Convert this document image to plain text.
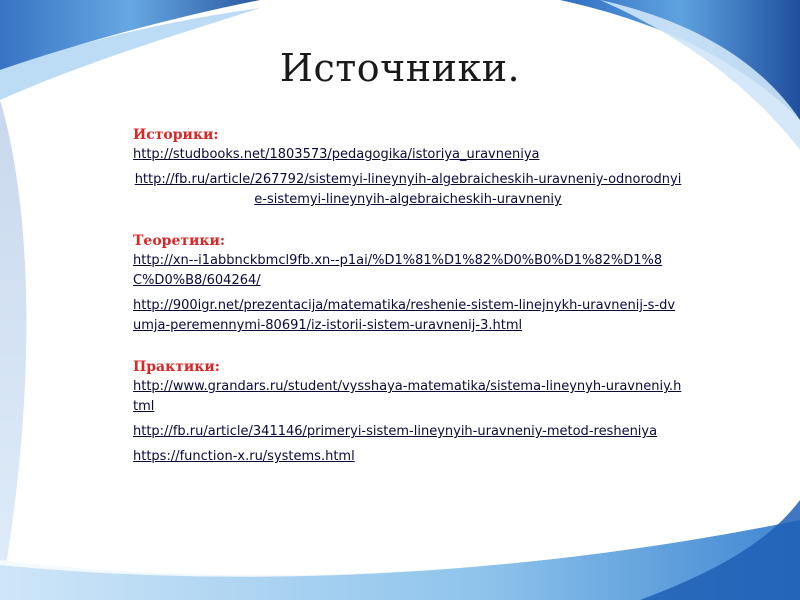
Источники.
Историки:
http://studbooks.net/1803573/pedagogika/istoriya_uravneniya
http://fb.ru/article/267792/sistemyi-lineynyih-algebraicheskih-uravneniy-odnorodnyie-sistemyi-lineynyih-algebraicheskih-uravneniy
Теоретики:
http://xn--i1abbnckbmcl9fb.xn--p1ai/%D1%81%D1%82%D0%B0%D1%82%D1%8C%D0%B8/604264/
http://900igr.net/prezentacija/matematika/reshenie-sistem-linejnykh-uravnenij-s-dvumja-peremennymi-80691/iz-istorii-sistem-uravnenij-3.html
Практики:
http://www.grandars.ru/student/vysshaya-matematika/sistema-lineynyh-uravneniy.html
http://fb.ru/article/341146/primeryi-sistem-lineynyih-uravneniy-metod-resheniya
https://function-x.ru/systems.html
